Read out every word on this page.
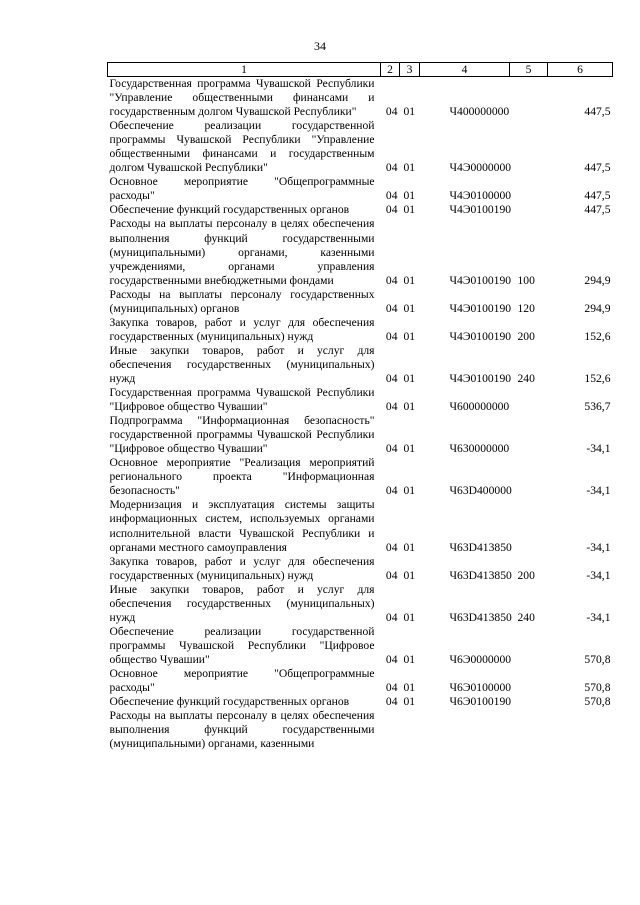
34
1	2	3	4	5	6
Государственная программа Чувашской Республики "Управление общественными финансами и государственным долгом Чувашской Республики"	04	01	Ч400000000		447,5
Обеспечение реализации государственной программы Чувашской Республики "Управление общественными финансами и государственным долгом Чувашской Республики"	04	01	Ч4Э0000000		447,5
Основное мероприятие "Общепрограммные расходы"	04	01	Ч4Э0100000		447,5
Обеспечение функций государственных органов	04	01	Ч4Э0100190		447,5
Расходы на выплаты персоналу в целях обеспечения выполнения функций государственными (муниципальными) органами, казенными учреждениями, органами управления государственными внебюджетными фондами	04	01	Ч4Э0100190	100	294,9
Расходы на выплаты персоналу государственных (муниципальных) органов	04	01	Ч4Э0100190	120	294,9
Закупка товаров, работ и услуг для обеспечения государственных (муниципальных) нужд	04	01	Ч4Э0100190	200	152,6
Иные закупки товаров, работ и услуг для обеспечения государственных (муниципальных) нужд	04	01	Ч4Э0100190	240	152,6
Государственная программа Чувашской Республики "Цифровое общество Чувашии"	04	01	Ч600000000		536,7
Подпрограмма "Информационная безопасность" государственной программы Чувашской Республики "Цифровое общество Чувашии"	04	01	Ч630000000		-34,1
Основное мероприятие "Реализация мероприятий регионального проекта "Информационная безопасность"	04	01	Ч63D400000		-34,1
Модернизация и эксплуатация системы защиты информационных систем, используемых органами исполнительной власти Чувашской Республики и органами местного самоуправления	04	01	Ч63D413850		-34,1
Закупка товаров, работ и услуг для обеспечения государственных (муниципальных) нужд	04	01	Ч63D413850	200	-34,1
Иные закупки товаров, работ и услуг для обеспечения государственных (муниципальных) нужд	04	01	Ч63D413850	240	-34,1
Обеспечение реализации государственной программы Чувашской Республики "Цифровое общество Чувашии"	04	01	Ч6Э0000000		570,8
Основное мероприятие "Общепрограммные расходы"	04	01	Ч6Э0100000		570,8
Обеспечение функций государственных органов	04	01	Ч6Э0100190		570,8
Расходы на выплаты персоналу в целях обеспечения выполнения функций государственными (муниципальными) органами, казенными					
